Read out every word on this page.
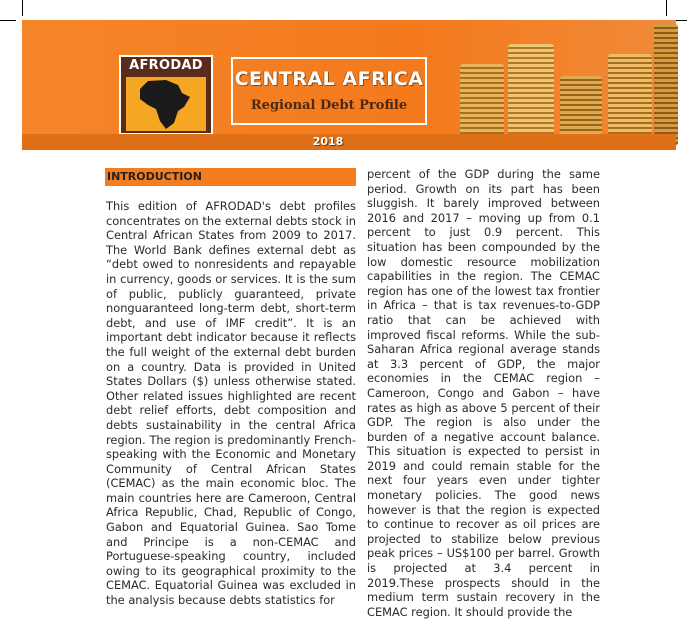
AFRODAD
CENTRAL AFRICA
Regional Debt Profile
2018
INTRODUCTION

This edition of AFRODAD's debt profiles concentrates on the external debts stock in Central African States from 2009 to 2017. The World Bank defines external debt as “debt owed to nonresidents and repayable in currency, goods or services. It is the sum of public, publicly guaranteed, private nonguaranteed long-term debt, short-term debt, and use of IMF credit”. It is an important debt indicator because it reflects the full weight of the external debt burden on a country. Data is provided in United States Dollars ($) unless otherwise stated. Other related issues highlighted are recent debt relief efforts, debt composition and debts sustainability in the central Africa region. The region is predominantly French-speaking with the Economic and Monetary Community of Central African States (CEMAC) as the main economic bloc. The main countries here are Cameroon, Central Africa Republic, Chad, Republic of Congo, Gabon and Equatorial Guinea. Sao Tome and Principe is a non-CEMAC and Portuguese-speaking country, included owing to its geographical proximity to the CEMAC. Equatorial Guinea was excluded in the analysis because debts statistics for

percent of the GDP during the same period. Growth on its part has been sluggish. It barely improved between 2016 and 2017 – moving up from 0.1 percent to just 0.9 percent. This situation has been compounded by the low domestic resource mobilization capabilities in the region. The CEMAC region has one of the lowest tax frontier in Africa – that is tax revenues-to-GDP ratio that can be achieved with improved fiscal reforms. While the sub-Saharan Africa regional average stands at 3.3 percent of GDP, the major economies in the CEMAC region – Cameroon, Congo and Gabon – have rates as high as above 5 percent of their GDP. The region is also under the burden of a negative account balance. This situation is expected to persist in 2019 and could remain stable for the next four years even under tighter monetary policies. The good news however is that the region is expected to continue to recover as oil prices are projected to stabilize below previous peak prices – US$100 per barrel. Growth is projected at 3.4 percent in 2019.These prospects should in the medium term sustain recovery in the CEMAC region. It should provide the
